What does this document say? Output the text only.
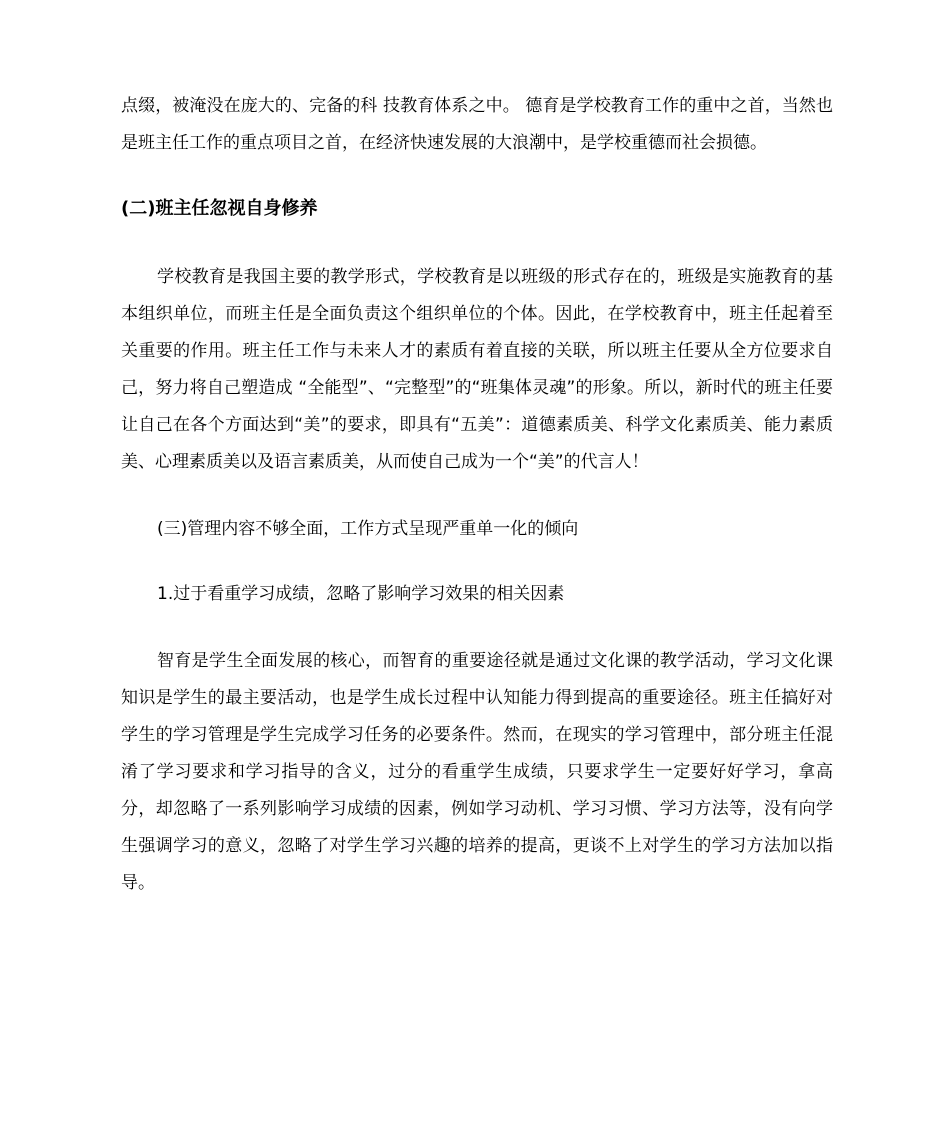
点缀，被淹没在庞大的、完备的科 技教育体系之中。 德育是学校教育工作的重中之首，当然也是班主任工作的重点项目之首，在经济快速发展的大浪潮中，是学校重德而社会损德。

(二)班主任忽视自身修养

学校教育是我国主要的教学形式，学校教育是以班级的形式存在的，班级是实施教育的基本组织单位，而班主任是全面负责这个组织单位的个体。因此，在学校教育中，班主任起着至关重要的作用。班主任工作与未来人才的素质有着直接的关联，所以班主任要从全方位要求自己，努力将自己塑造成 “全能型”、“完整型”的“班集体灵魂”的形象。所以，新时代的班主任要让自己在各个方面达到“美”的要求，即具有“五美”：道德素质美、科学文化素质美、能力素质美、心理素质美以及语言素质美，从而使自己成为一个“美”的代言人！

(三)管理内容不够全面，工作方式呈现严重单一化的倾向

1.过于看重学习成绩，忽略了影响学习效果的相关因素

智育是学生全面发展的核心，而智育的重要途径就是通过文化课的教学活动，学习文化课知识是学生的最主要活动，也是学生成长过程中认知能力得到提高的重要途径。班主任搞好对学生的学习管理是学生完成学习任务的必要条件。然而，在现实的学习管理中，部分班主任混淆了学习要求和学习指导的含义，过分的看重学生成绩，只要求学生一定要好好学习，拿高分，却忽略了一系列影响学习成绩的因素，例如学习动机、学习习惯、学习方法等，没有向学生强调学习的意义，忽略了对学生学习兴趣的培养的提高，更谈不上对学生的学习方法加以指导。
